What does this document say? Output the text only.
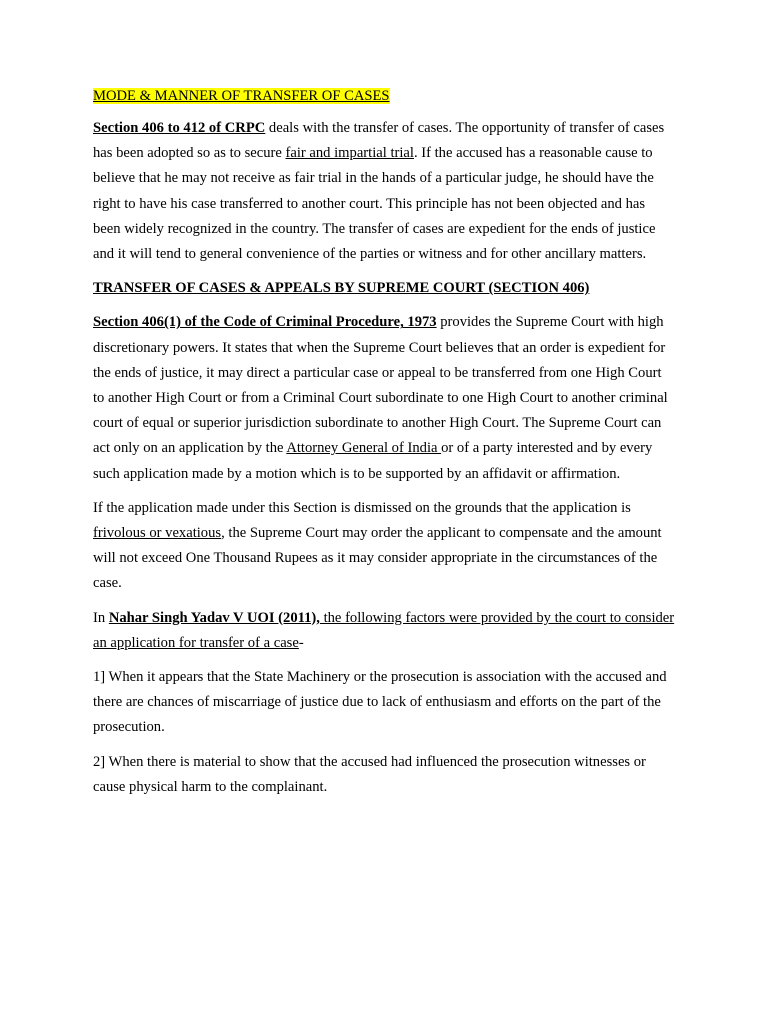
MODE & MANNER OF TRANSFER OF CASES

Section 406 to 412 of CRPC deals with the transfer of cases. The opportunity of transfer of cases has been adopted so as to secure fair and impartial trial. If the accused has a reasonable cause to believe that he may not receive as fair trial in the hands of a particular judge, he should have the right to have his case transferred to another court. This principle has not been objected and has been widely recognized in the country. The transfer of cases are expedient for the ends of justice and it will tend to general convenience of the parties or witness and for other ancillary matters.

TRANSFER OF CASES & APPEALS BY SUPREME COURT (SECTION 406)

Section 406(1) of the Code of Criminal Procedure, 1973 provides the Supreme Court with high discretionary powers. It states that when the Supreme Court believes that an order is expedient for the ends of justice, it may direct a particular case or appeal to be transferred from one High Court to another High Court or from a Criminal Court subordinate to one High Court to another criminal court of equal or superior jurisdiction subordinate to another High Court. The Supreme Court can act only on an application by the Attorney General of India or of a party interested and by every such application made by a motion which is to be supported by an affidavit or affirmation.

If the application made under this Section is dismissed on the grounds that the application is frivolous or vexatious, the Supreme Court may order the applicant to compensate and the amount will not exceed One Thousand Rupees as it may consider appropriate in the circumstances of the case.

In Nahar Singh Yadav V UOI (2011), the following factors were provided by the court to consider an application for transfer of a case-

1] When it appears that the State Machinery or the prosecution is association with the accused and there are chances of miscarriage of justice due to lack of enthusiasm and efforts on the part of the prosecution.

2] When there is material to show that the accused had influenced the prosecution witnesses or cause physical harm to the complainant.
